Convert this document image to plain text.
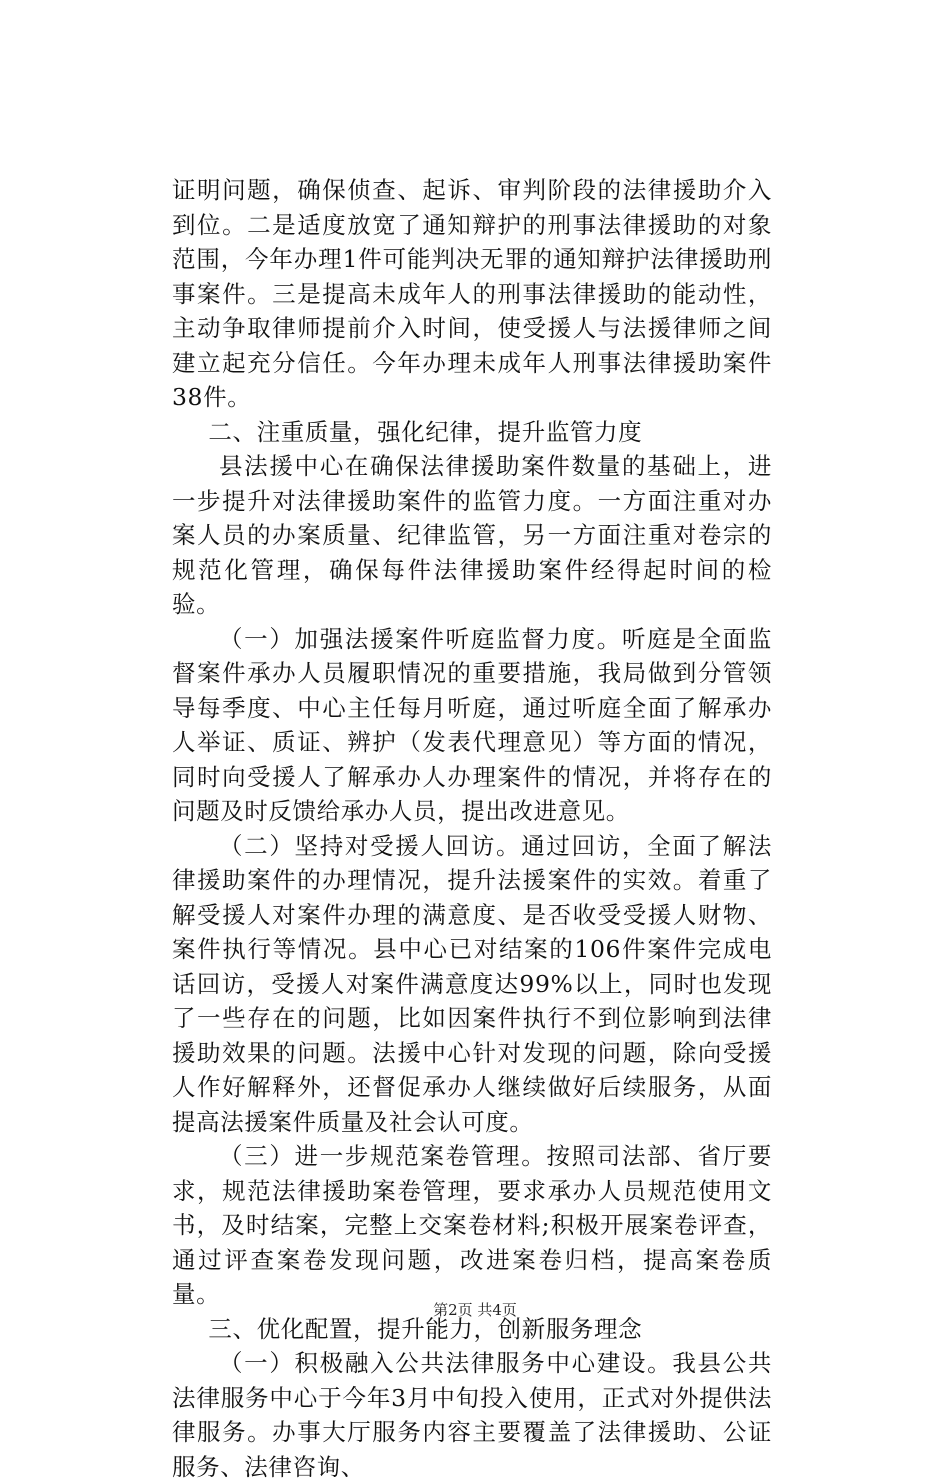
证明问题，确保侦查、起诉、审判阶段的法律援助介入到位。二是适度放宽了通知辩护的刑事法律援助的对象范围，今年办理1件可能判决无罪的通知辩护法律援助刑事案件。三是提高未成年人的刑事法律援助的能动性，主动争取律师提前介入时间，使受援人与法援律师之间建立起充分信任。今年办理未成年人刑事法律援助案件38件。

二、注重质量，强化纪律，提升监管力度

县法援中心在确保法律援助案件数量的基础上，进一步提升对法律援助案件的监管力度。一方面注重对办案人员的办案质量、纪律监管，另一方面注重对卷宗的规范化管理，确保每件法律援助案件经得起时间的检验。

（一）加强法援案件听庭监督力度。听庭是全面监督案件承办人员履职情况的重要措施，我局做到分管领导每季度、中心主任每月听庭，通过听庭全面了解承办人举证、质证、辨护（发表代理意见）等方面的情况，同时向受援人了解承办人办理案件的情况，并将存在的问题及时反馈给承办人员，提出改进意见。

（二）坚持对受援人回访。通过回访，全面了解法律援助案件的办理情况，提升法援案件的实效。着重了解受援人对案件办理的满意度、是否收受受援人财物、案件执行等情况。县中心已对结案的106件案件完成电话回访，受援人对案件满意度达99%以上，同时也发现了一些存在的问题，比如因案件执行不到位影响到法律援助效果的问题。法援中心针对发现的问题，除向受援人作好解释外，还督促承办人继续做好后续服务，从面提高法援案件质量及社会认可度。

（三）进一步规范案卷管理。按照司法部、省厅要求，规范法律援助案卷管理，要求承办人员规范使用文书，及时结案，完整上交案卷材料;积极开展案卷评查，通过评查案卷发现问题，改进案卷归档，提高案卷质量。

三、优化配置，提升能力，创新服务理念

（一）积极融入公共法律服务中心建设。我县公共法律服务中心于今年3月中旬投入使用，正式对外提供法律服务。办事大厅服务内容主要覆盖了法律援助、公证服务、法律咨询、

第2页 共4页
